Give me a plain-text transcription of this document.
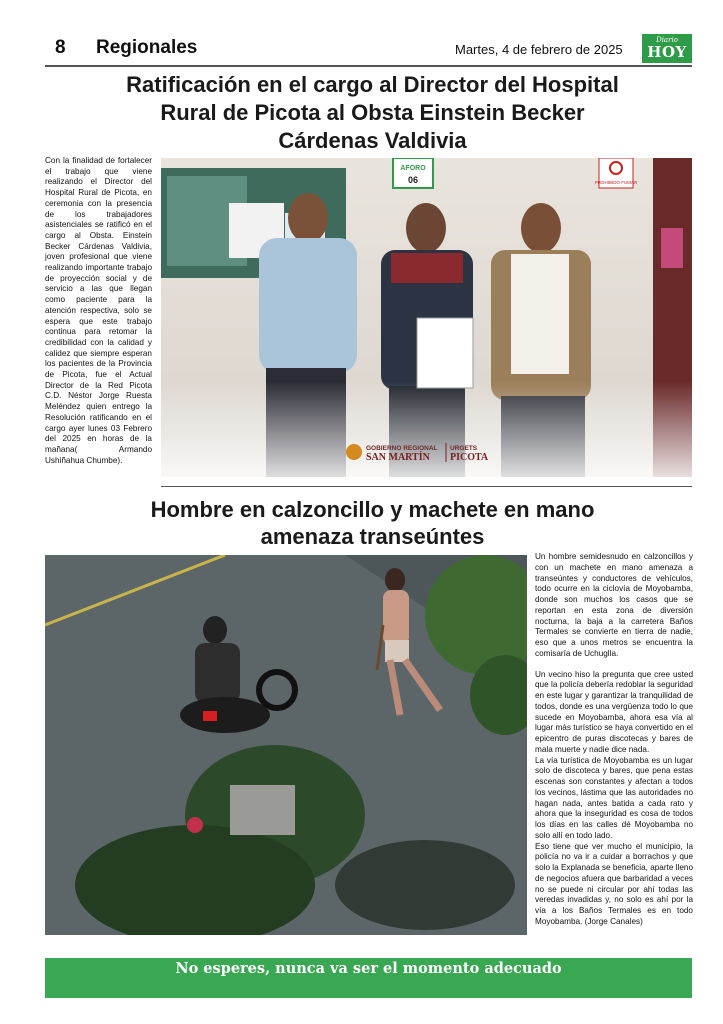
8 Regionales	Martes, 4 de febrero de 2025
Diario
HOY
Ratificación en el cargo al Director del Hospital Rural de Picota al Obsta Einstein Becker Cárdenas Valdivia
Con la finalidad de fortalecer el trabajo que viene realizando el Director del Hospital Rural de Picota, en ceremonia con la presencia de los trabajadores asistenciales se ratificó en el cargo al Obsta. Einstein Becker Cárdenas Valdivia, joven profesional que viene realizando importante trabajo de proyección social y de servicio a las que llegan como paciente para la atención respectiva, solo se espera que este trabajo continua para retomar la credibilidad con la calidad y calidez que siempre esperan los pacientes de la Provincia de Picota, fue el Actual Director de la Red Picota C.D. Néstor Jorge Ruesta Meléndez quien entrego la Resolución ratificando en el cargo ayer lunes 03 Febrero del 2025 en horas de la mañana( Armando Ushiñahua Chumbe).
GOBIERNO REGIONAL URGETS
SAN MARTÍN PICOTA
Hombre en calzoncillo y machete en mano amenaza transeúntes

Un hombre semidesnudo en calzoncillos y con un machete en mano amenaza a transeúntes y conductores de vehículos, todo ocurre en la ciclovía de Moyobamba, donde son muchos los casos que se reportan en esta zona de diversión nocturna, la baja a la carretera Baños Termales se convierte en tierra de nadie, eso que a unos metros se encuentra la comisaría de Uchuglla.

Un vecino hiso la pregunta que cree usted que la policía debería redoblar la seguridad en este lugar y garantizar la tranquilidad de todos, donde es una vergüenza todo lo que sucede en Moyobamba, ahora esa vía al lugar más turístico se haya convertido en el epicentro de puras discotecas y bares de mala muerte y nadie dice nada.

La vía turística de Moyobamba es un lugar solo de discoteca y bares, que pena estas escenas son constantes y afectan a todos los vecinos, lástima que las autoridades no hagan nada, antes batida a cada rato y ahora que la inseguridad es cosa de todos los días en las calles dé Moyobamba no solo allí en todo lado.

Eso tiene que ver mucho el municipio, la policía no va ir a cuidar a borrachos y que solo la Explanada se beneficia, aparte lleno de negocios afuera que barbaridad a veces no se puede ni circular por ahí todas las veredas invadidas y, no solo es ahí por la vía a los Baños Termales es en todo Moyobamba. (Jorge Canales)

No esperes, nunca va ser el momento adecuado
